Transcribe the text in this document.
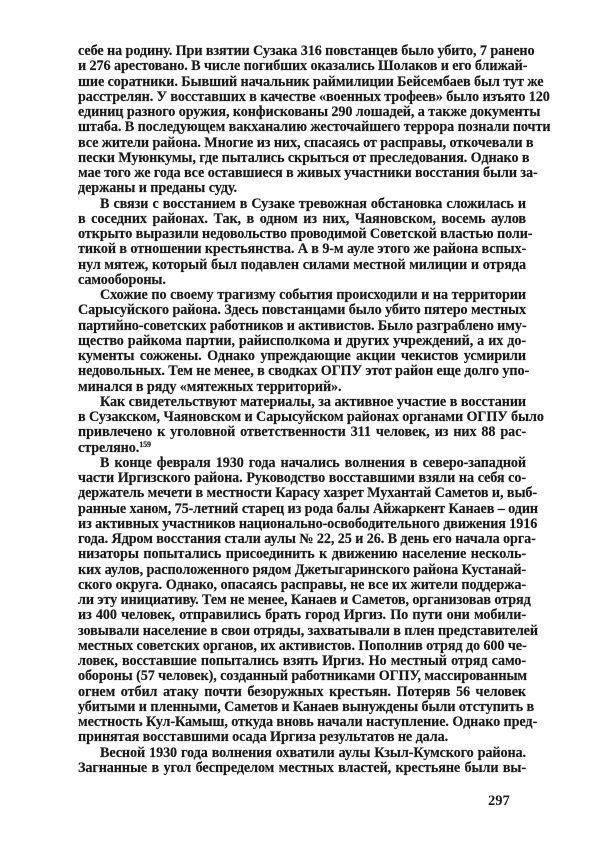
себе на родину. При взятии Сузака 316 повстанцев было убито, 7 ранено
и 276 арестовано. В числе погибших оказались Шолаков и его ближай-
шие соратники. Бывший начальник раймилиции Бейсембаев был тут же
расстрелян. У восставших в качестве «военных трофеев» было изъято 120
единиц разного оружия, конфискованы 290 лошадей, а также документы
штаба. В последующем вакханалию жесточайшего террора познали почти
все жители района. Многие из них, спасаясь от расправы, откочевали в
пески Муюнкумы, где пытались скрыться от преследования. Однако в
мае того же года все оставшиеся в живых участники восстания были за-
держаны и преданы суду.
В связи с восстанием в Сузаке тревожная обстановка сложилась и
в соседних районах. Так, в одном из них, Чаяновском, восемь аулов
открыто выразили недовольство проводимой Советской властью поли-
тикой в отношении крестьянства. А в 9-м ауле этого же района вспых-
нул мятеж, который был подавлен силами местной милиции и отряда
самообороны.
Схожие по своему трагизму события происходили и на территории
Сарысуйского района. Здесь повстанцами было убито пятеро местных
партийно-советских работников и активистов. Было разграблено иму-
щество райкома партии, райисполкома и других учреждений, а их до-
кументы сожжены. Однако упреждающие акции чекистов усмирили
недовольных. Тем не менее, в сводках ОГПУ этот район еще долго упо-
минался в ряду «мятежных территорий».
Как свидетельствуют материалы, за активное участие в восстании
в Сузакском, Чаяновском и Сарысуйском районах органами ОГПУ было
привлечено к уголовной ответственности 311 человек, из них 88 рас-
стреляно.$^{159}$
В конце февраля 1930 года начались волнения в северо-западной
части Иргизского района. Руководство восставшими взяли на себя со-
держатель мечети в местности Карасу хазрет Мухантай Саметов и, выб-
ранные ханом, 75-летний старец из рода балы Айжаркент Канаев – один
из активных участников национально-освободительного движения 1916
года. Ядром восстания стали аулы № 22, 25 и 26. В день его начала орга-
низаторы попытались присоединить к движению население несколь-
ких аулов, расположенного рядом Джетыгаринского района Кустанай-
ского округа. Однако, опасаясь расправы, не все их жители поддержа-
ли эту инициативу. Тем не менее, Канаев и Саметов, организовав отряд
из 400 человек, отправились брать город Иргиз. По пути они мобили-
зовывали население в свои отряды, захватывали в плен представителей
местных советских органов, их активистов. Пополнив отряд до 600 че-
ловек, восставшие попытались взять Иргиз. Но местный отряд само-
обороны (57 человек), созданный работниками ОГПУ, массированным
огнем отбил атаку почти безоружных крестьян. Потеряв 56 человек
убитыми и пленными, Саметов и Канаев вынуждены были отступить в
местность Кул-Камыш, откуда вновь начали наступление. Однако пред-
принятая восставшими осада Иргиза результатов не дала.
Весной 1930 года волнения охватили аулы Кзыл-Кумского района.
Загнанные в угол беспределом местных властей, крестьяне были вы-
297
